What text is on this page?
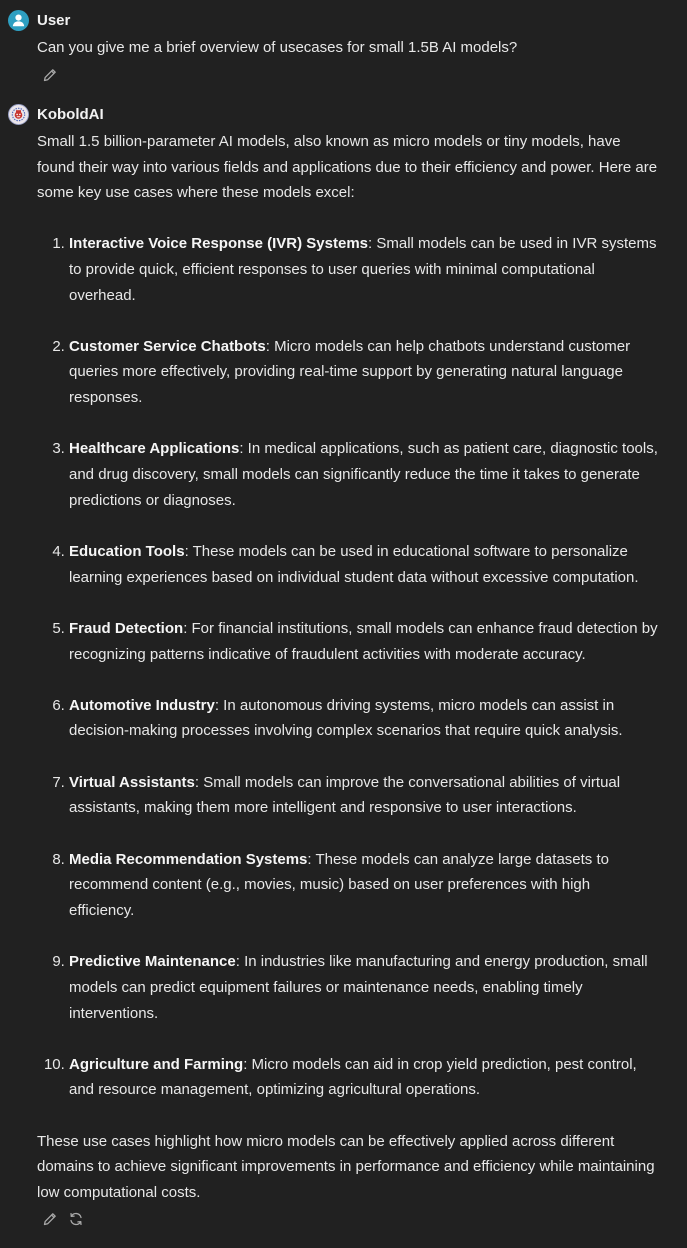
User

Can you give me a brief overview of usecases for small 1.5B AI models?

KoboldAI

Small 1.5 billion-parameter AI models, also known as micro models or tiny models, have found their way into various fields and applications due to their efficiency and power. Here are some key use cases where these models excel:

1. Interactive Voice Response (IVR) Systems: Small models can be used in IVR systems to provide quick, efficient responses to user queries with minimal computational overhead.
2. Customer Service Chatbots: Micro models can help chatbots understand customer queries more effectively, providing real-time support by generating natural language responses.
3. Healthcare Applications: In medical applications, such as patient care, diagnostic tools, and drug discovery, small models can significantly reduce the time it takes to generate predictions or diagnoses.
4. Education Tools: These models can be used in educational software to personalize learning experiences based on individual student data without excessive computation.
5. Fraud Detection: For financial institutions, small models can enhance fraud detection by recognizing patterns indicative of fraudulent activities with moderate accuracy.
6. Automotive Industry: In autonomous driving systems, micro models can assist in decision-making processes involving complex scenarios that require quick analysis.
7. Virtual Assistants: Small models can improve the conversational abilities of virtual assistants, making them more intelligent and responsive to user interactions.
8. Media Recommendation Systems: These models can analyze large datasets to recommend content (e.g., movies, music) based on user preferences with high efficiency.
9. Predictive Maintenance: In industries like manufacturing and energy production, small models can predict equipment failures or maintenance needs, enabling timely interventions.
10. Agriculture and Farming: Micro models can aid in crop yield prediction, pest control, and resource management, optimizing agricultural operations.

These use cases highlight how micro models can be effectively applied across different domains to achieve significant improvements in performance and efficiency while maintaining low computational costs.
